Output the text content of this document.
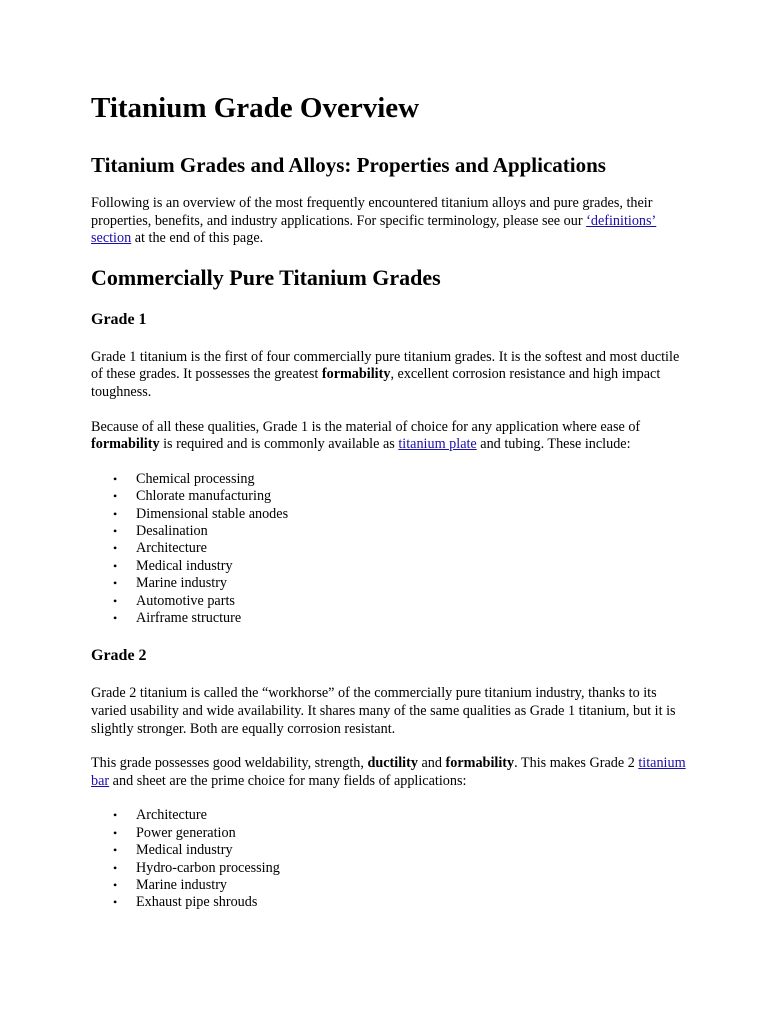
Titanium Grade Overview
Titanium Grades and Alloys: Properties and Applications

Following is an overview of the most frequently encountered titanium alloys and pure grades, their properties, benefits, and industry applications. For specific terminology, please see our ‘definitions’ section at the end of this page.

Commercially Pure Titanium Grades
Grade 1

Grade 1 titanium is the first of four commercially pure titanium grades. It is the softest and most ductile of these grades. It possesses the greatest formability, excellent corrosion resistance and high impact toughness.

Because of all these qualities, Grade 1 is the material of choice for any application where ease of formability is required and is commonly available as titanium plate and tubing. These include:

• Chemical processing
• Chlorate manufacturing
• Dimensional stable anodes
• Desalination
• Architecture
• Medical industry
• Marine industry
• Automotive parts
• Airframe structure
Grade 2

Grade 2 titanium is called the “workhorse” of the commercially pure titanium industry, thanks to its varied usability and wide availability. It shares many of the same qualities as Grade 1 titanium, but it is slightly stronger. Both are equally corrosion resistant.

This grade possesses good weldability, strength, ductility and formability. This makes Grade 2 titanium bar and sheet are the prime choice for many fields of applications:

• Architecture
• Power generation
• Medical industry
• Hydro-carbon processing
• Marine industry
• Exhaust pipe shrouds
